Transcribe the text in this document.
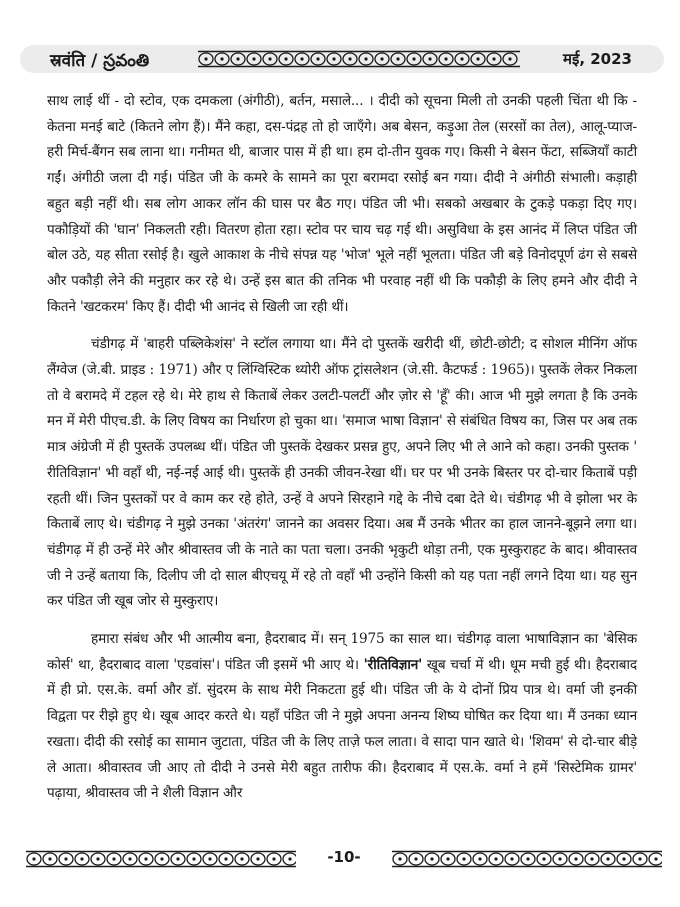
स्रवंति / స్రవంతి	मई, 2023

साथ लाई थीं - दो स्टोव, एक दमकला (अंगीठी), बर्तन, मसाले... । दीदी को सूचना मिली तो उनकी पहली चिंता थी कि - केतना मनई बाटे (कितने लोग हैं)। मैंने कहा, दस-पंद्रह तो हो जाएँगे। अब बेसन, कड़ुआ तेल (सरसों का तेल), आलू-प्याज-हरी मिर्च-बैंगन सब लाना था। गनीमत थी, बाजार पास में ही था। हम दो-तीन युवक गए। किसी ने बेसन फेंटा, सब्जियाँ काटी गईं। अंगीठी जला दी गई। पंडित जी के कमरे के सामने का पूरा बरामदा रसोई बन गया। दीदी ने अंगीठी संभाली। कड़ाही बहुत बड़ी नहीं थी। सब लोग आकर लॉन की घास पर बैठ गए। पंडित जी भी। सबको अखबार के टुकड़े पकड़ा दिए गए। पकौड़ियों की 'घान' निकलती रही। वितरण होता रहा। स्टोव पर चाय चढ़ गई थी। असुविधा के इस आनंद में लिप्त पंडित जी बोल उठे, यह सीता रसोई है। खुले आकाश के नीचे संपन्न यह 'भोज' भूले नहीं भूलता। पंडित जी बड़े विनोदपूर्ण ढंग से सबसे और पकौड़ी लेने की मनुहार कर रहे थे। उन्हें इस बात की तनिक भी परवाह नहीं थी कि पकौड़ी के लिए हमने और दीदी ने कितने 'खटकरम' किए हैं। दीदी भी आनंद से खिली जा रही थीं।

चंडीगढ़ में 'बाहरी पब्लिकेशंस' ने स्टॉल लगाया था। मैंने दो पुस्तकें खरीदी थीं, छोटी-छोटी; द सोशल मीनिंग ऑफ लैंग्वेज (जे.बी. प्राइड : 1971) और ए लिंग्विस्टिक थ्योरी ऑफ ट्रांसलेशन (जे.सी. कैटफर्ड : 1965)। पुस्तकें लेकर निकला तो वे बरामदे में टहल रहे थे। मेरे हाथ से किताबें लेकर उलटी-पलटीं और ज़ोर से 'हूँ' की। आज भी मुझे लगता है कि उनके मन में मेरी पीएच.डी. के लिए विषय का निर्धारण हो चुका था। 'समाज भाषा विज्ञान' से संबंधित विषय का, जिस पर अब तक मात्र अंग्रेजी में ही पुस्तकें उपलब्ध थीं। पंडित जी पुस्तकें देखकर प्रसन्न हुए, अपने लिए भी ले आने को कहा। उनकी पुस्तक ' रीतिविज्ञान' भी वहाँ थी, नई-नई आई थी। पुस्तकें ही उनकी जीवन-रेखा थीं। घर पर भी उनके बिस्तर पर दो-चार किताबें पड़ी रहती थीं। जिन पुस्तकों पर वे काम कर रहे होते, उन्हें वे अपने सिरहाने गद्दे के नीचे दबा देते थे। चंडीगढ़ भी वे झोला भर के किताबें लाए थे। चंडीगढ़ ने मुझे उनका 'अंतरंग' जानने का अवसर दिया। अब मैं उनके भीतर का हाल जानने-बूझने लगा था। चंडीगढ़ में ही उन्हें मेरे और श्रीवास्तव जी के नाते का पता चला। उनकी भृकुटी थोड़ा तनी, एक मुस्कुराहट के बाद। श्रीवास्तव जी ने उन्हें बताया कि, दिलीप जी दो साल बीएचयू में रहे तो वहाँ भी उन्होंने किसी को यह पता नहीं लगने दिया था। यह सुन कर पंडित जी खूब जोर से मुस्कुराए।

हमारा संबंध और भी आत्मीय बना, हैदराबाद में। सन् 1975 का साल था। चंडीगढ़ वाला भाषाविज्ञान का 'बेसिक कोर्स' था, हैदराबाद वाला 'एडवांस'। पंडित जी इसमें भी आए थे। 'रीतिविज्ञान' खूब चर्चा में थी। धूम मची हुई थी। हैदराबाद में ही प्रो. एस.के. वर्मा और डॉ. सुंदरम के साथ मेरी निकटता हुई थी। पंडित जी के ये दोनों प्रिय पात्र थे। वर्मा जी इनकी विद्वता पर रीझे हुए थे। खूब आदर करते थे। यहाँ पंडित जी ने मुझे अपना अनन्य शिष्य घोषित कर दिया था। मैं उनका ध्यान रखता। दीदी की रसोई का सामान जुटाता, पंडित जी के लिए ताज़े फल लाता। वे सादा पान खाते थे। 'शिवम' से दो-चार बीड़े ले आता। श्रीवास्तव जी आए तो दीदी ने उनसे मेरी बहुत तारीफ की। हैदराबाद में एस.के. वर्मा ने हमें 'सिस्टेमिक ग्रामर' पढ़ाया, श्रीवास्तव जी ने शैली विज्ञान और

-10-
